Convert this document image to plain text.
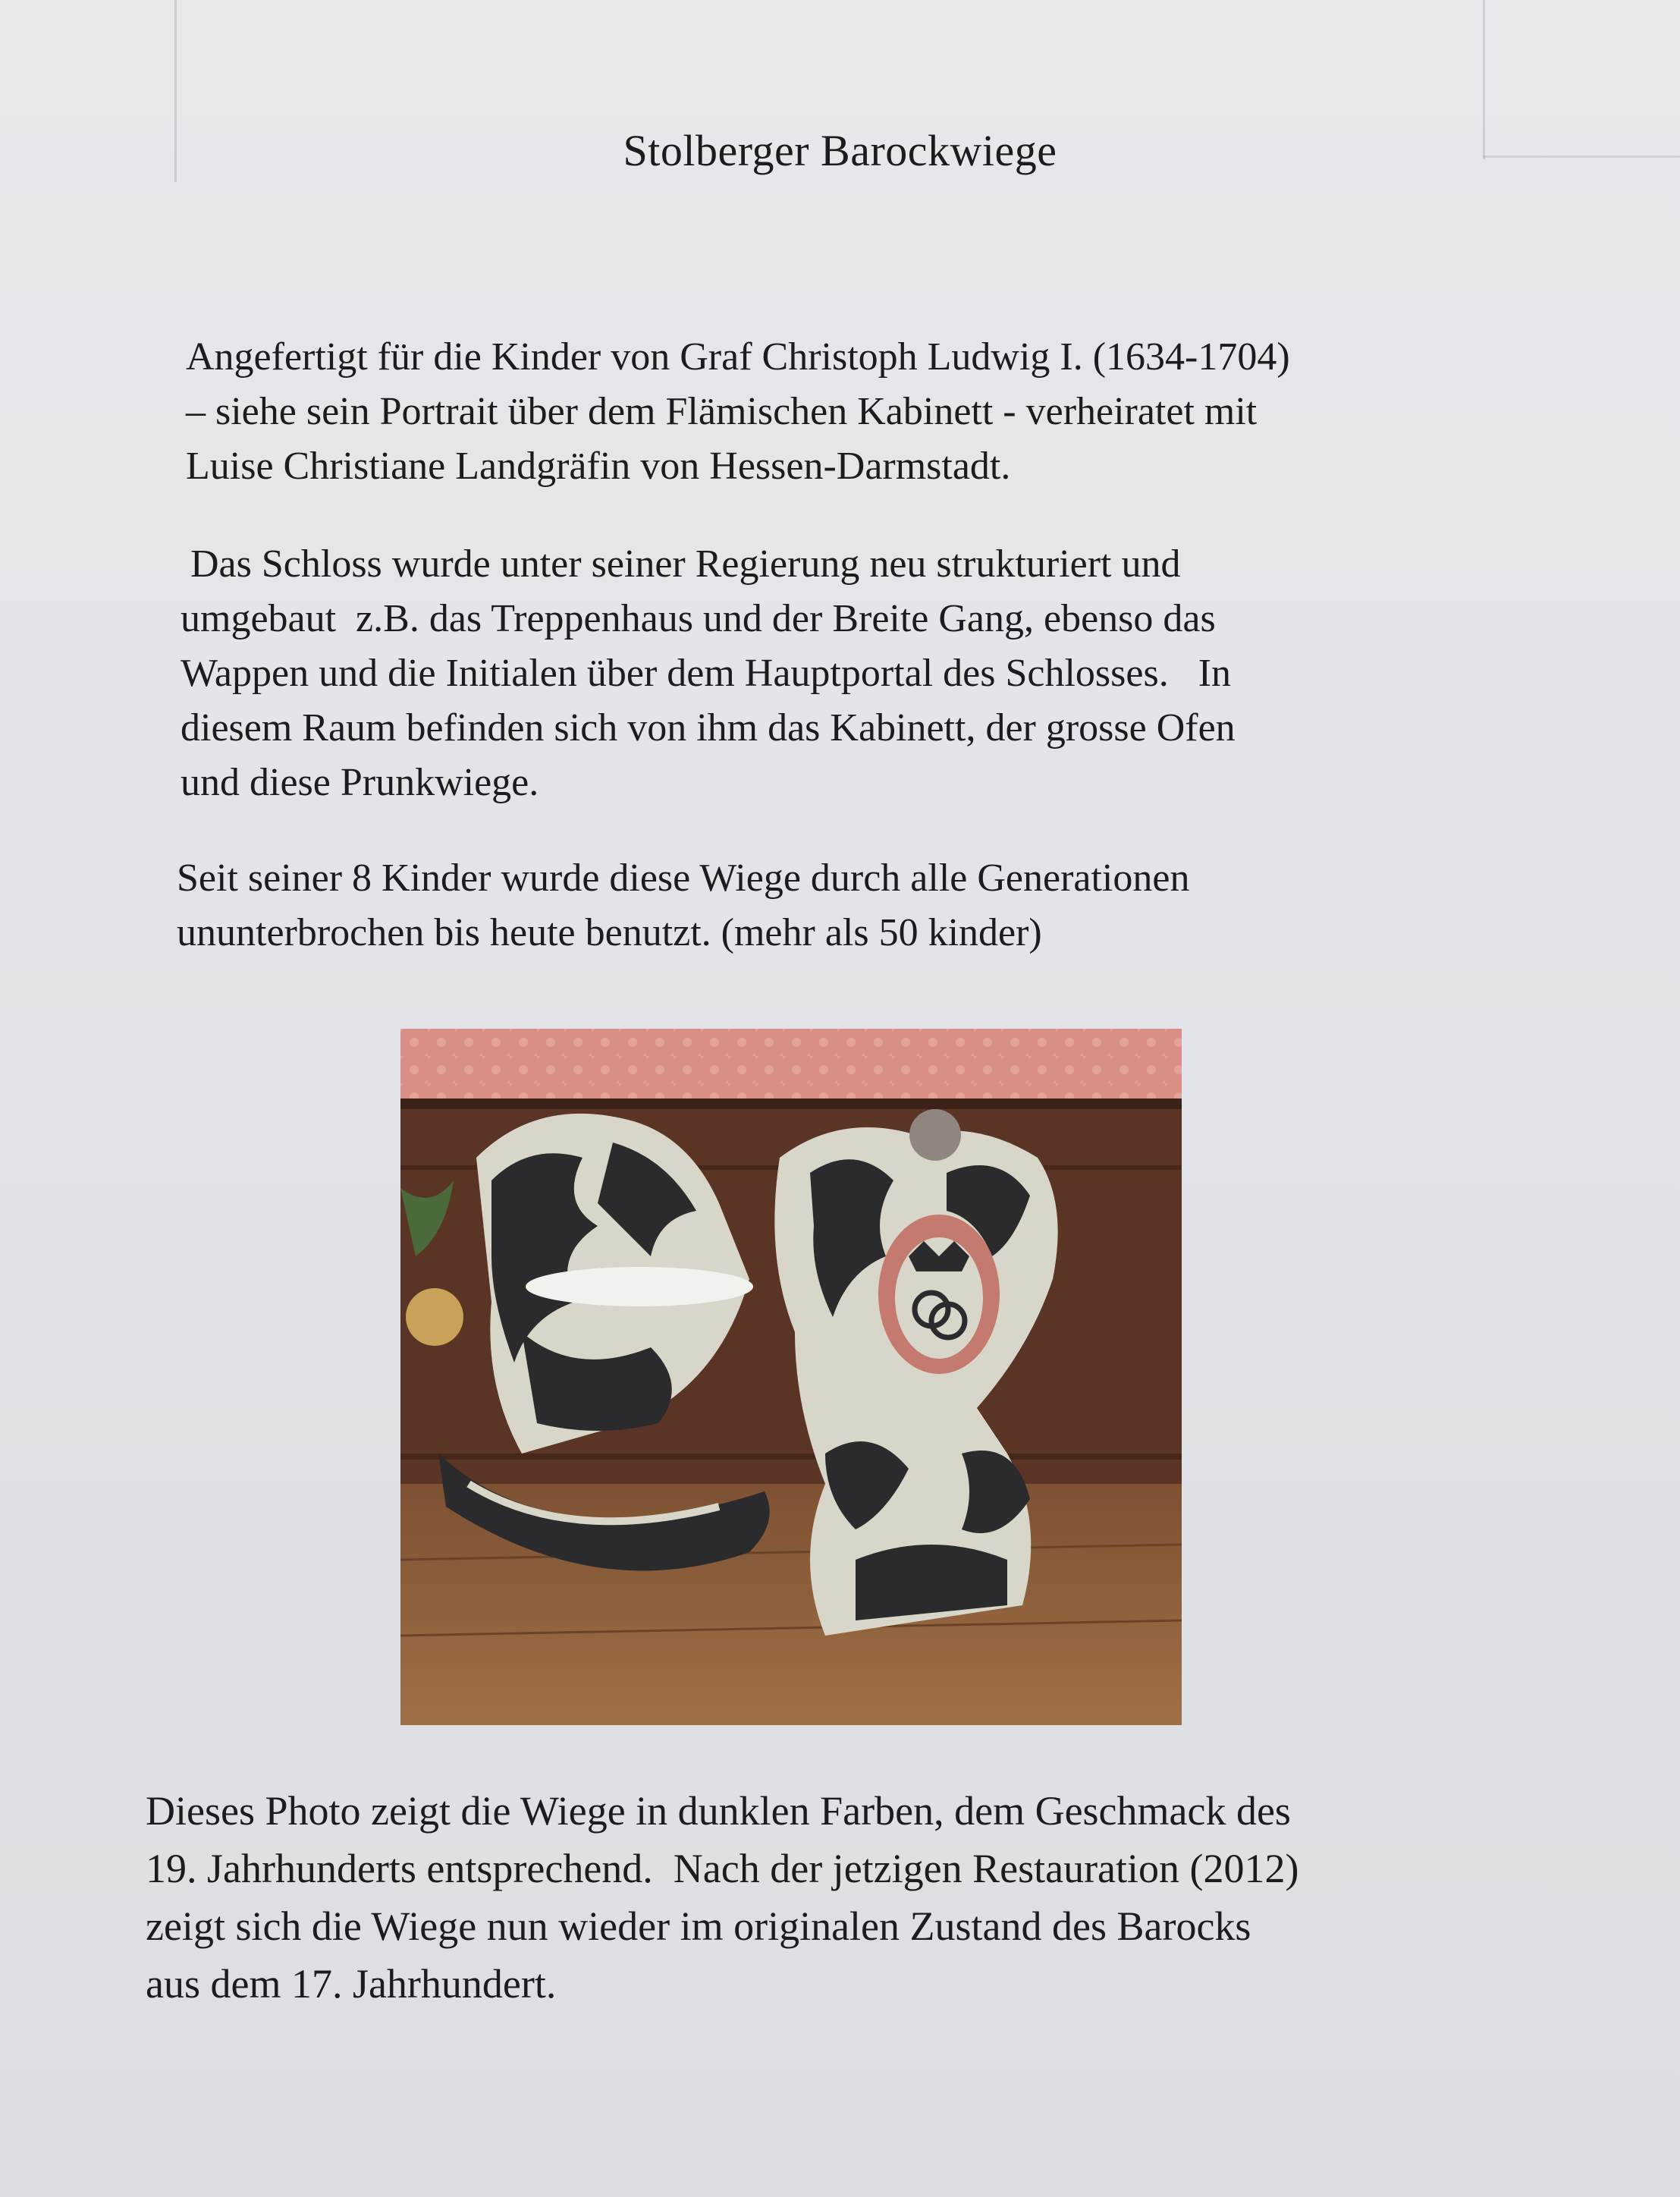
Stolberger Barockwiege
Angefertigt für die Kinder von Graf Christoph Ludwig I. (1634-1704)
– siehe sein Portrait über dem Flämischen Kabinett - verheiratet mit
Luise Christiane Landgräfin von Hessen-Darmstadt.
Das Schloss wurde unter seiner Regierung neu strukturiert und
umgebaut  z.B. das Treppenhaus und der Breite Gang, ebenso das
Wappen und die Initialen über dem Hauptportal des Schlosses.   In
diesem Raum befinden sich von ihm das Kabinett, der grosse Ofen
und diese Prunkwiege.
Seit seiner 8 Kinder wurde diese Wiege durch alle Generationen
ununterbrochen bis heute benutzt. (mehr als 50 kinder)
Dieses Photo zeigt die Wiege in dunklen Farben, dem Geschmack des
19. Jahrhunderts entsprechend.  Nach der jetzigen Restauration (2012)
zeigt sich die Wiege nun wieder im originalen Zustand des Barocks
aus dem 17. Jahrhundert.
